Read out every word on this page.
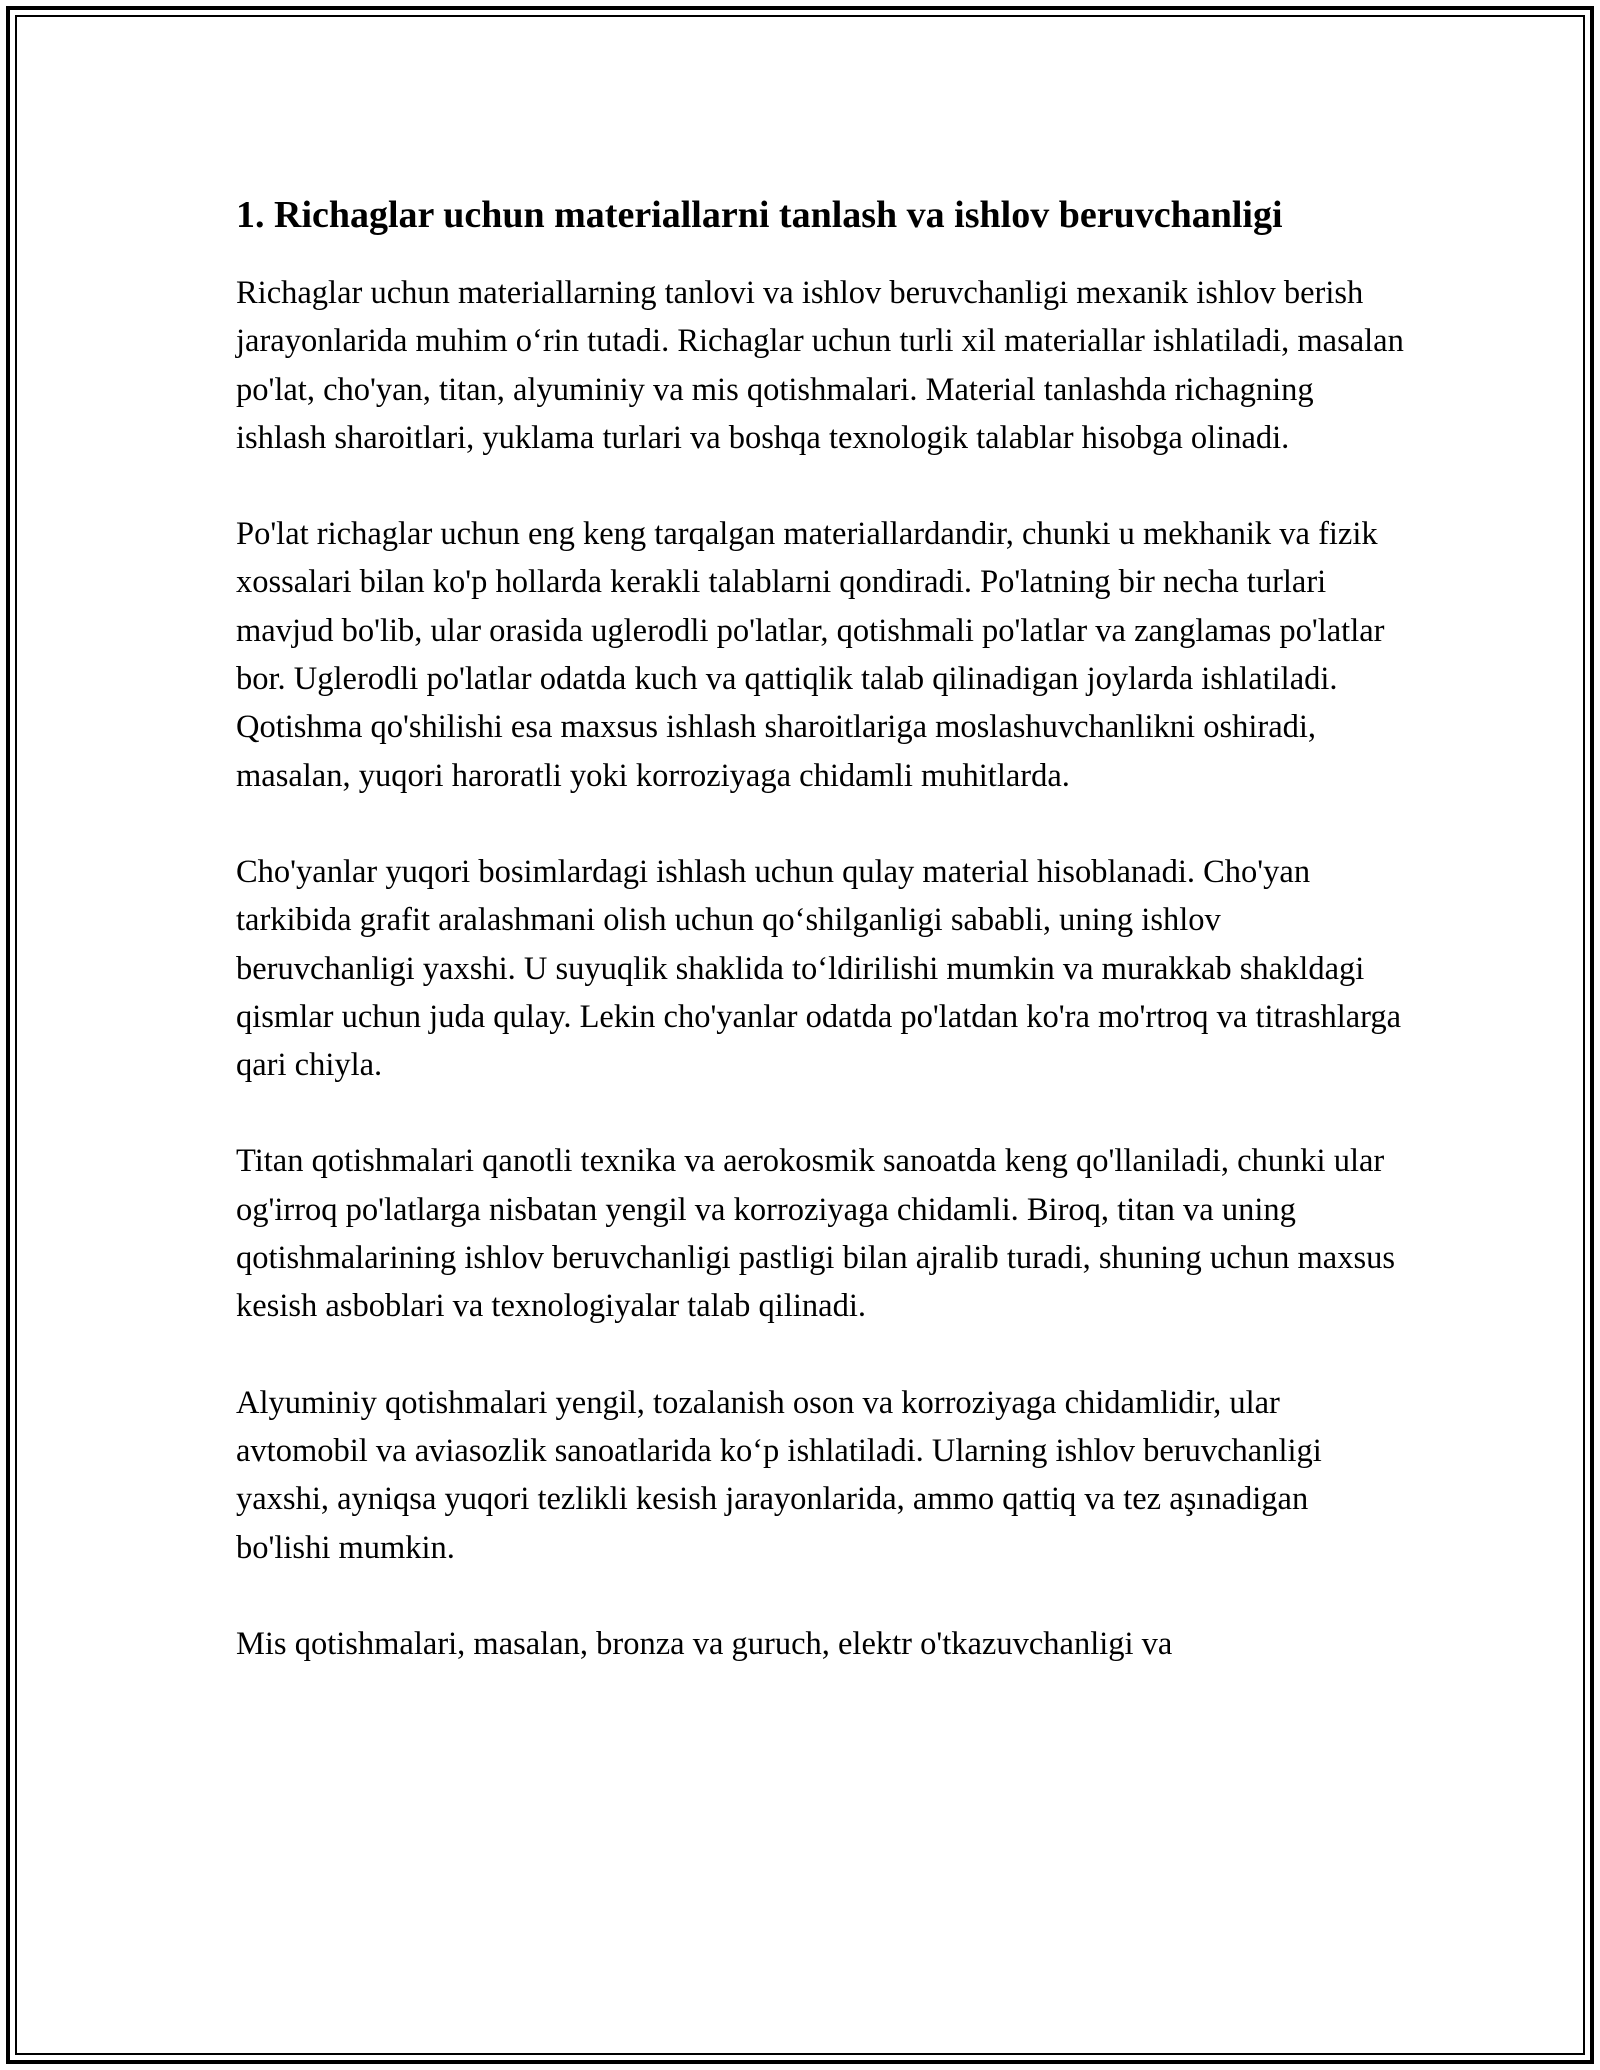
1. Richaglar uchun materiallarni tanlash va ishlov beruvchanligi

Richaglar uchun materiallarning tanlovi va ishlov beruvchanligi mexanik ishlov berish jarayonlarida muhim o‘rin tutadi. Richaglar uchun turli xil materiallar ishlatiladi, masalan po'lat, cho'yan, titan, alyuminiy va mis qotishmalari. Material tanlashda richagning ishlash sharoitlari, yuklama turlari va boshqa texnologik talablar hisobga olinadi.

Po'lat richaglar uchun eng keng tarqalgan materiallardandir, chunki u mekhanik va fizik xossalari bilan ko'p hollarda kerakli talablarni qondiradi. Po'latning bir necha turlari mavjud bo'lib, ular orasida uglerodli po'latlar, qotishmali po'latlar va zanglamas po'latlar bor. Uglerodli po'latlar odatda kuch va qattiqlik talab qilinadigan joylarda ishlatiladi. Qotishma qo'shilishi esa maxsus ishlash sharoitlariga moslashuvchanlikni oshiradi, masalan, yuqori haroratli yoki korroziyaga chidamli muhitlarda.

Cho'yanlar yuqori bosimlardagi ishlash uchun qulay material hisoblanadi. Cho'yan tarkibida grafit aralashmani olish uchun qo‘shilganligi sababli, uning ishlov beruvchanligi yaxshi. U suyuqlik shaklida to‘ldirilishi mumkin va murakkab shakldagi qismlar uchun juda qulay. Lekin cho'yanlar odatda po'latdan ko'ra mo'rtroq va titrashlarga qari chiyla.

Titan qotishmalari qanotli texnika va aerokosmik sanoatda keng qo'llaniladi, chunki ular og'irroq po'latlarga nisbatan yengil va korroziyaga chidamli. Biroq, titan va uning qotishmalarining ishlov beruvchanligi pastligi bilan ajralib turadi, shuning uchun maxsus kesish asboblari va texnologiyalar talab qilinadi.

Alyuminiy qotishmalari yengil, tozalanish oson va korroziyaga chidamlidir, ular avtomobil va aviasozlik sanoatlarida ko‘p ishlatiladi. Ularning ishlov beruvchanligi yaxshi, ayniqsa yuqori tezlikli kesish jarayonlarida, ammo qattiq va tez aşınadigan bo'lishi mumkin.

Mis qotishmalari, masalan, bronza va guruch, elektr o'tkazuvchanligi va
